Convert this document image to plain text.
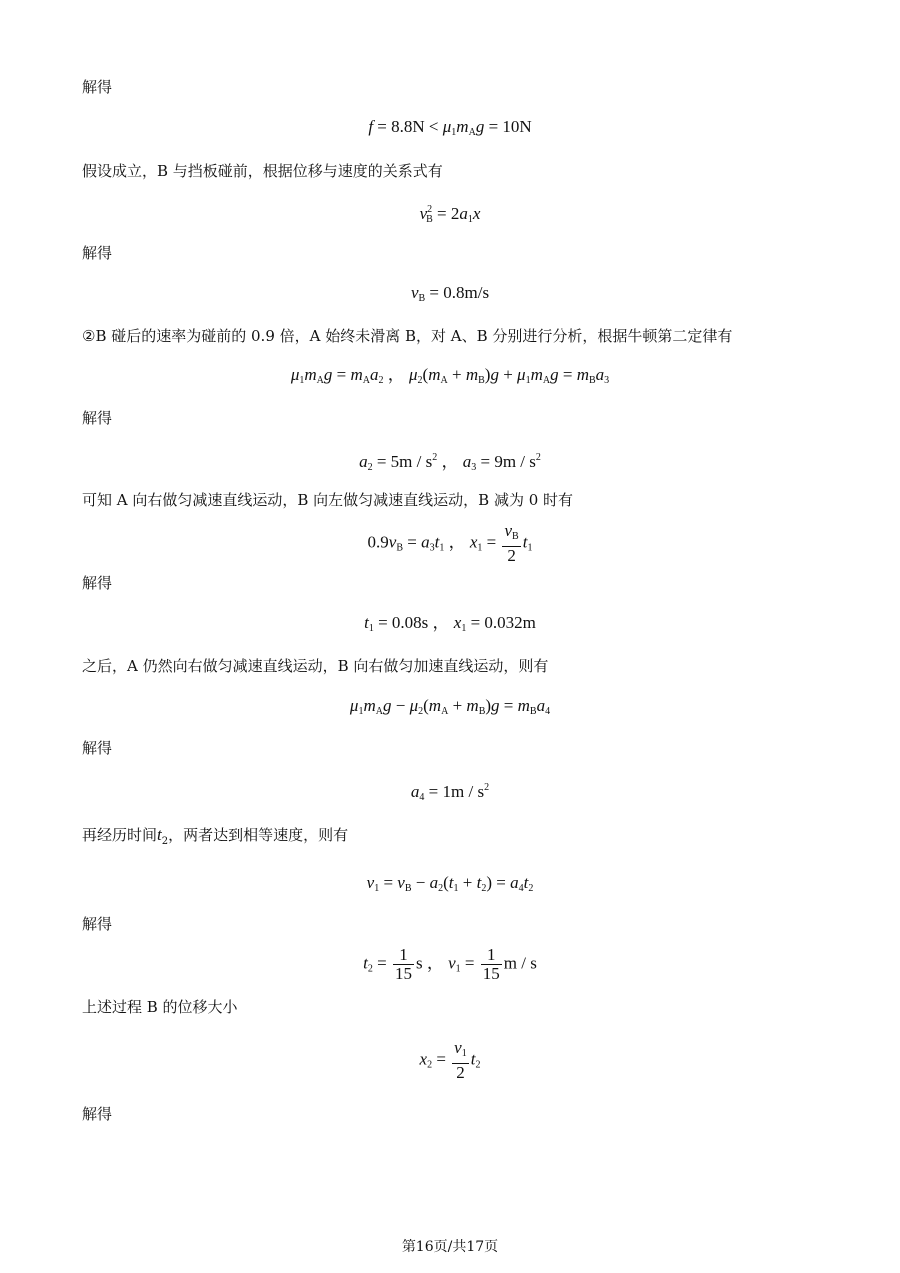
解得
$f = 8.8N < \mu_1m_Ag = 10N$
假设成立，B 与挡板碰前，根据位移与速度的关系式有
$v^2_B = 2a_1x$
解得
$v_B = 0.8m/s$
②B 碰后的速率为碰前的 0.9 倍，A 始终未滑离 B，对 A、B 分别进行分析，根据牛顿第二定律有
$\mu_1m_Ag = m_Aa_2$ ， $\mu_2(m_A + m_B)g + \mu_1m_Ag = m_Ba_3$
解得
$a_2 = 5m / s^2$ ， $a_3 = 9m / s^2$
可知 A 向右做匀减速直线运动，B 向左做匀减速直线运动，B 减为 0 时有
$0.9v_B = a_3t_1$ ， $x_1 = \frac{v_B}{2} t_1$
解得
$t_1 = 0.08s$ ， $x_1 = 0.032m$
之后，A 仍然向右做匀减速直线运动，B 向右做匀加速直线运动，则有
$\mu_1m_Ag - \mu_2(m_A + m_B)g = m_Ba_4$
解得
$a_4 = 1m / s^2$
再经历时间$t_2$，两者达到相等速度，则有
$v_1 = v_B - a_2(t_1 + t_2) = a_4t_2$
解得
$t_2 = \frac{1}{15}$ s ， $v_1 = \frac{1}{15}$ m / s
上述过程 B 的位移大小
$x_2 = \frac{v_1}{2} t_2$
解得
第16页/共17页
